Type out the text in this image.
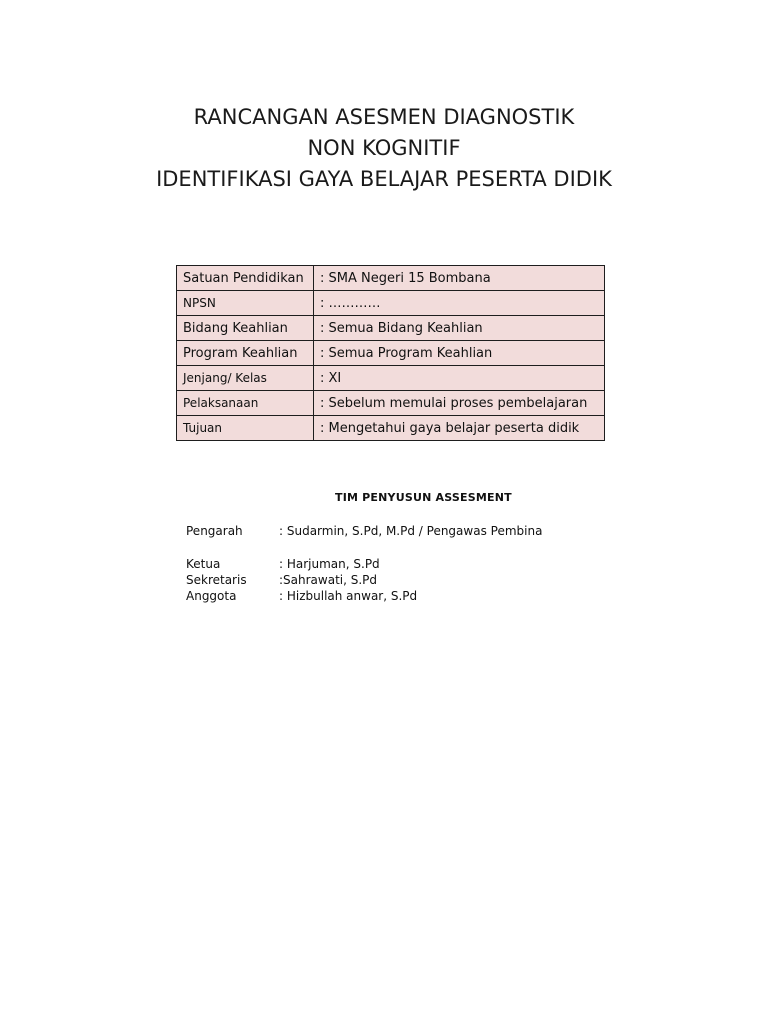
RANCANGAN ASESMEN DIAGNOSTIK
NON KOGNITIF
IDENTIFIKASI GAYA BELAJAR PESERTA DIDIK
Satuan Pendidikan	: SMA Negeri 15 Bombana
NPSN	: …………
Bidang Keahlian	: Semua Bidang Keahlian
Program Keahlian	: Semua Program Keahlian
Jenjang/ Kelas	: XI
Pelaksanaan	: Sebelum memulai proses pembelajaran
Tujuan	: Mengetahui gaya belajar peserta didik
TIM PENYUSUN ASSESMENT
Pengarah	: Sudarmin, S.Pd, M.Pd / Pengawas Pembina
Ketua	: Harjuman, S.Pd
Sekretaris	:Sahrawati, S.Pd
Anggota	: Hizbullah anwar, S.Pd
